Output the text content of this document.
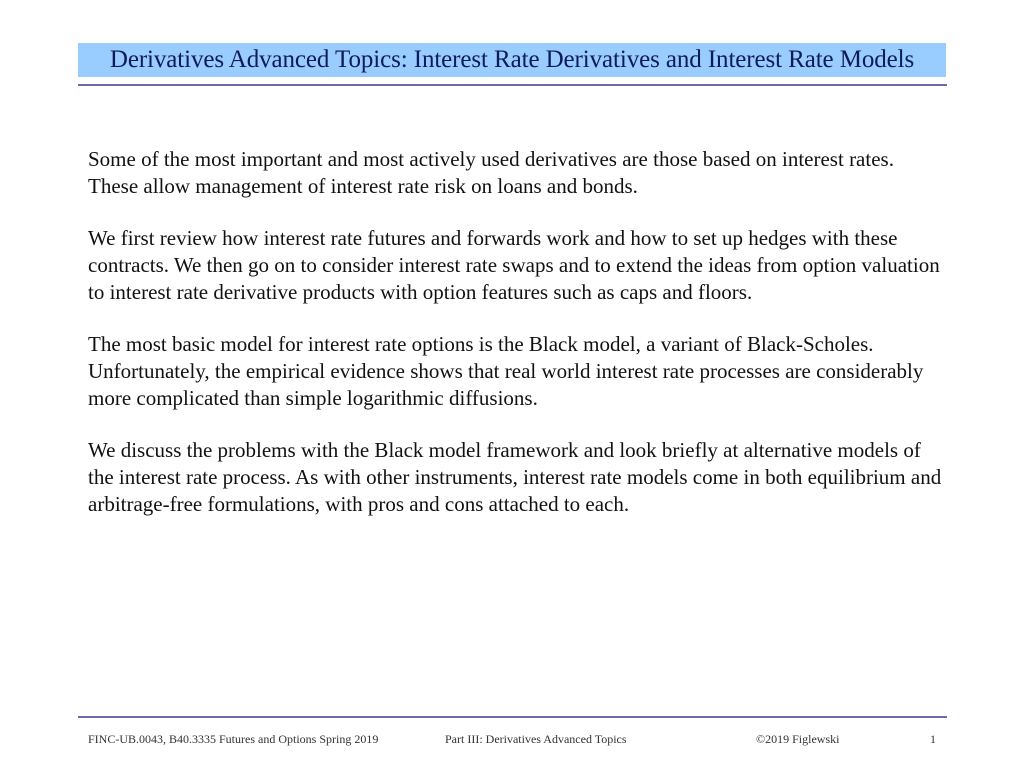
Derivatives Advanced Topics: Interest Rate Derivatives and Interest Rate Models

Some of the most important and most actively used derivatives are those based on interest rates. These allow management of interest rate risk on loans and bonds.

We first review how interest rate futures and forwards work and how to set up hedges with these contracts. We then go on to consider interest rate swaps and to extend the ideas from option valuation to interest rate derivative products with option features such as caps and floors.

The most basic model for interest rate options is the Black model, a variant of Black-Scholes. Unfortunately, the empirical evidence shows that real world interest rate processes are considerably more complicated than simple logarithmic diffusions.

We discuss the problems with the Black model framework and look briefly at alternative models of the interest rate process. As with other instruments, interest rate models come in both equilibrium and arbitrage-free formulations, with pros and cons attached to each.

FINC-UB.0043, B40.3335 Futures and Options Spring 2019	Part III: Derivatives Advanced Topics	©2019 Figlewski	1
